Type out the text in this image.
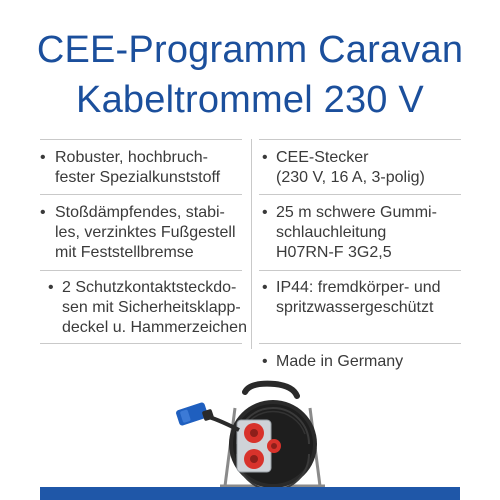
CEE-Programm Caravan
Kabeltrommel 230 V
• Robuster, hochbruch-
fester Spezialkunststoff
• Stoßdämpfendes, stabi-
les, verzinktes Fußgestell
mit Feststellbremse
• 2 Schutzkontaktsteckdo-
sen mit Sicherheitsklapp-
deckel u. Hammerzeichen
• CEE-Stecker
(230 V, 16 A, 3-polig)
• 25 m schwere Gummi-
schlauchleitung
H07RN-F 3G2,5
• IP44: fremdkörper- und
spritzwassergeschützt
• Made in Germany
